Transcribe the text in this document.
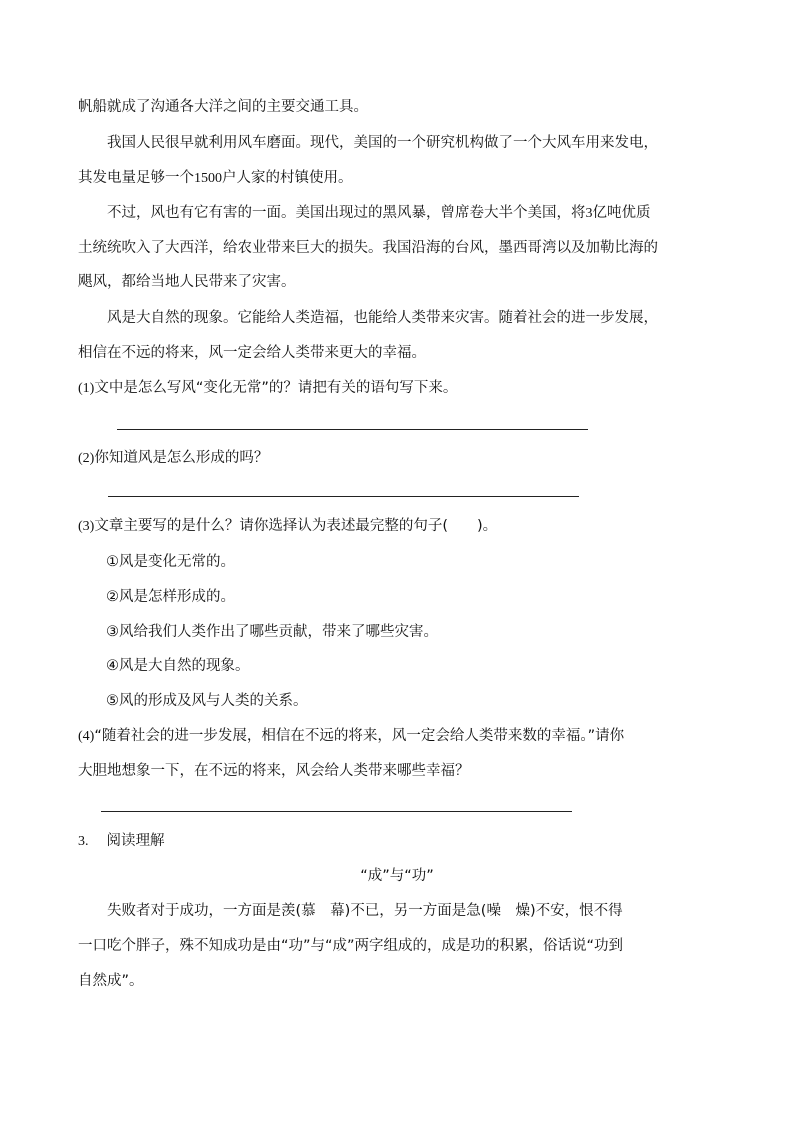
帆船就成了沟通各大洋之间的主要交通工具。
我国人民很早就利用风车磨面。现代，美国的一个研究机构做了一个大风车用来发电，
其发电量足够一个1500户人家的村镇使用。
不过，风也有它有害的一面。美国出现过的黑风暴，曾席卷大半个美国，将3亿吨优质
土统统吹入了大西洋，给农业带来巨大的损失。我国沿海的台风，墨西哥湾以及加勒比海的
飓风，都给当地人民带来了灾害。
风是大自然的现象。它能给人类造福，也能给人类带来灾害。随着社会的进一步发展，
相信在不远的将来，风一定会给人类带来更大的幸福。
(1)文中是怎么写风“变化无常”的？请把有关的语句写下来。
(2)你知道风是怎么形成的吗？
(3)文章主要写的是什么？请你选择认为表述最完整的句子(　　)。
①风是变化无常的。
②风是怎样形成的。
③风给我们人类作出了哪些贡献，带来了哪些灾害。
④风是大自然的现象。
⑤风的形成及风与人类的关系。
(4)“随着社会的进一步发展，相信在不远的将来，风一定会给人类带来数的幸福。”请你
大胆地想象一下，在不远的将来，风会给人类带来哪些幸福？
3. 阅读理解
“成”与“功”
失败者对于成功，一方面是羡(慕　幕)不已，另一方面是急(噪　燥)不安，恨不得
一口吃个胖子，殊不知成功是由“功”与“成”两字组成的，成是功的积累，俗话说“功到
自然成”。
